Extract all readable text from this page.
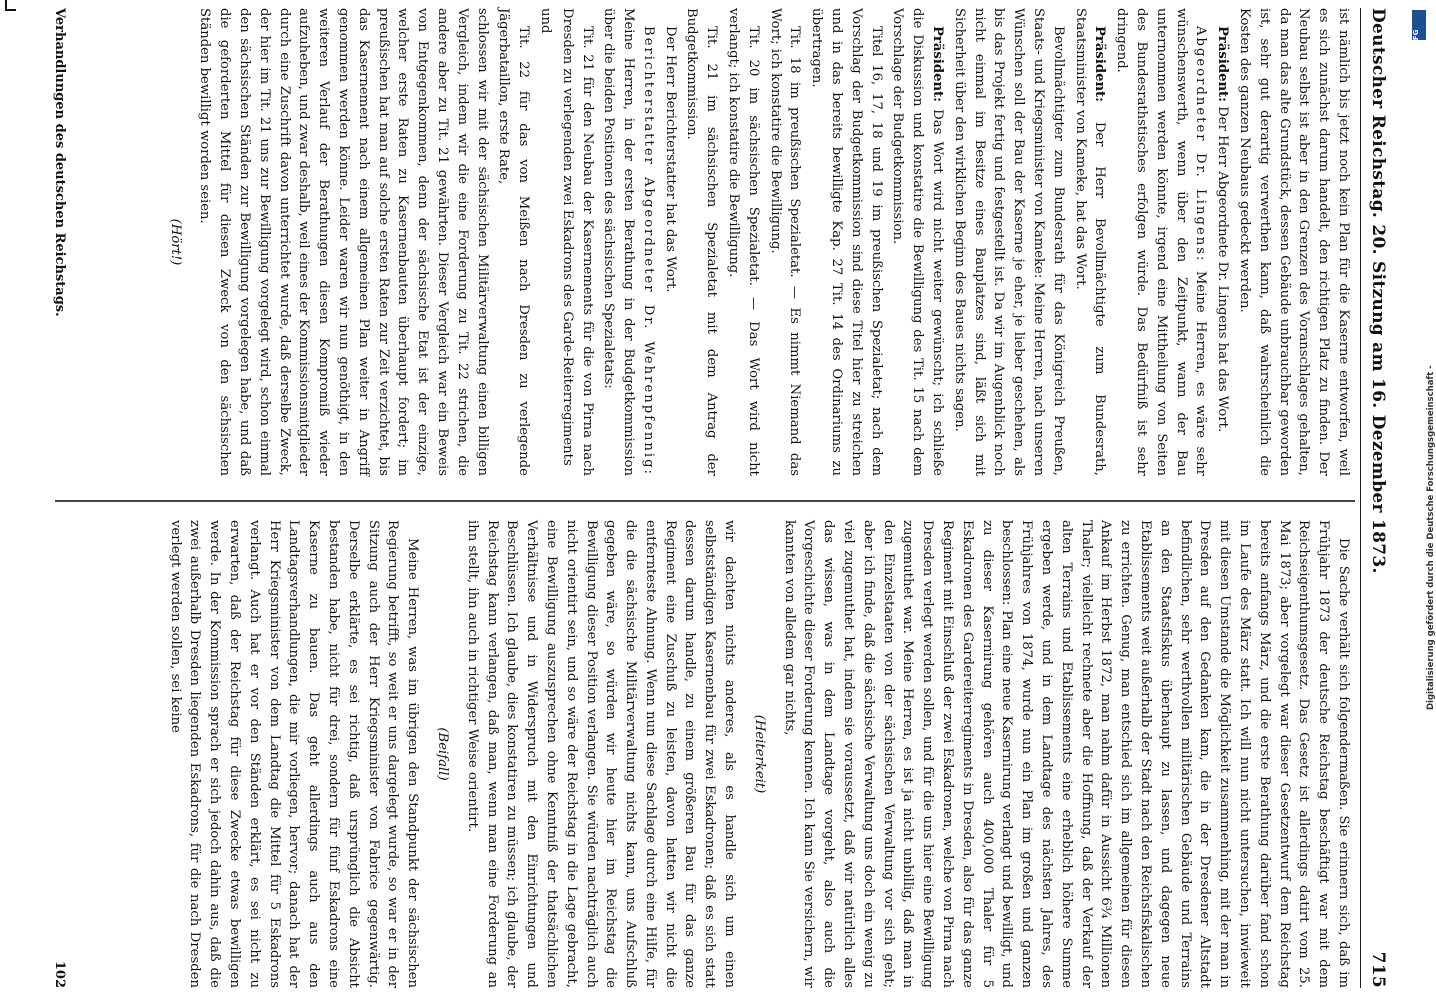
Deutscher Reichstag. 20. Sitzung am 16. Dezember 1873.
715

ist nämlich bis jetzt noch kein Plan für die Kaserne entworfen, weil es sich zunächst darum handelt, den richtigen Platz zu finden. Der Neubau selbst ist aber in den Grenzen des Voranschlages gehalten, da man das alte Grundstück, dessen Gebäude unbrauchbar geworden ist, sehr gut derartig verwerthen kann, daß wahrscheinlich die Kosten des ganzen Neubaus gedeckt werden.

Präsident: Der Herr Abgeordnete Dr. Lingens hat das Wort.

Abgeordneter Dr. Lingens: Meine Herren, es wäre sehr wünschenswerth, wenn über den Zeitpunkt, wann der Bau unternommen werden könnte, irgend eine Mittheilung von Seiten des Bundesrathstisches erfolgen würde. Das Bedürfniß ist sehr dringend.

Präsident: Der Herr Bevollmächtigte zum Bundesrath, Staatsminister von Kameke, hat das Wort.

Bevollmächtigter zum Bundesrath für das Königreich Preußen, Staats- und Kriegsminister von Kameke: Meine Herren, nach unseren Wünschen soll der Bau der Kaserne je eher, je lieber geschehen, als bis das Projekt fertig und festgestellt ist. Da wir im Augenblick noch nicht einmal im Besitze eines Bauplatzes sind, läßt sich mit Sicherheit über den wirklichen Beginn des Baues nichts sagen.

Präsident: Das Wort wird nicht weiter gewünscht; ich schließe die Diskussion und konstatire die Bewilligung des Tit. 15 nach dem Vorschlage der Budgetkommission.

Titel 16, 17, 18 und 19 im preußischen Spezialetat; nach dem Vorschlag der Budgetkommission sind diese Titel hier zu streichen und in das bereits bewilligte Kap. 27 Tit. 14 des Ordinariums zu übertragen.

Tit. 18 im preußischen Spezialetat. — Es nimmt Niemand das Wort; ich konstatire die Bewilligung.

Tit. 20 im sächsischen Spezialetat. — Das Wort wird nicht verlangt; ich konstatire die Bewilligung.

Tit. 21 im sächsischen Spezialetat mit dem Antrag der Budgetkommission.

Der Herr Berichterstatter hat das Wort.

Berichterstatter Abgeordneter Dr. Wehrenpfennig: Meine Herren, in der ersten Berathung in der Budgetkommission über die beiden Positionen des sächsischen Spezialetats:

Tit. 21 für den Neubau der Kasernements für die von Pirna nach Dresden zu verlegenden zwei Eskadrons des Garde-Reiterregiments

und

Tit. 22 für das von Meißen nach Dresden zu verlegende Jägerbataillon, erste Rate,

schlossen wir mit der sächsischen Militärverwaltung einen billigen Vergleich, indem wir die eine Forderung zu Tit. 22 strichen, die andere aber zu Tit. 21 gewährten. Dieser Vergleich war ein Beweis von Entgegenkommen, denn der sächsische Etat ist der einzige, welcher erste Raten zu Kasernenbauten überhaupt fordert; im preußischen hat man auf solche ersten Raten zur Zeit verzichtet, bis das Kasernement nach einem allgemeinen Plan weiter in Angriff genommen werden könne. Leider waren wir nun genöthigt, in den weiteren Verlauf der Berathungen diesen Kompromiß wieder aufzuheben, und zwar deshalb, weil eines der Kommissionsmitglieder durch eine Zuschrift davon unterrichtet wurde, daß derselbe Zweck, der hier im Tit. 21 uns zur Bewilligung vorgelegt wird, schon einmal den sächsischen Ständen zur Bewilligung vorgelegen habe, und daß die geforderten Mittel für diesen Zweck von den sächsischen Ständen bewilligt worden seien.

(Hört!)

Die Sache verhält sich folgendermaßen. Sie erinnern sich, daß im Frühjahr 1873 der deutsche Reichstag beschäftigt war mit dem Reichseigenthumsgesetz. Das Gesetz ist allerdings datirt vom 25. Mai 1873; aber vorgelegt war dieser Gesetzentwurf dem Reichstag bereits anfangs März, und die erste Berathung darüber fand schon im Laufe des März statt. Ich will nun nicht untersuchen, inwieweit mit diesen Umstande die Möglichkeit zusammenhing, mit der man in Dresden auf den Gedanken kam, die in der Dresdener Altstadt befindlichen, sehr werthvollen militärischen Gebäude und Terrains an den Staatsfiskus überhaupt zu lassen, und dagegen neue Etablissements weit außerhalb der Stadt nach den Reichsfiskalischen zu errichten. Genug, man entschied sich im allgemeinen für diesen Ankauf im Herbst 1872, man nahm dafür in Aussicht 6¾ Millionen Thaler; vielleicht rechnete aber die Hoffnung, daß der Verkauf der alten Terrains und Etablissements eine erheblich höhere Summe ergeben werde, und in dem Landtage des nächsten Jahres, des Frühjahres von 1874, wurde nun ein Plan im großen und ganzen beschlossen: Plan eine neue Kasernirung verlangt und bewilligt, und zu dieser Kasernirung gehören auch 400,000 Thaler für 5 Eskadronen des Gardereiterregiments in Dresden, also für das ganze Regiment mit Einschluß der zwei Eskadronen, welche von Pirna nach Dresden verlegt werden sollen, und für die uns hier eine Bewilligung zugemuthet war. Meine Herren, es ist ja nicht unbillig, daß man in den Einzelstaaten von der sächsischen Verwaltung vor sich geht; aber ich finde, daß die sächsische Verwaltung uns doch ein wenig zu viel zugemuthet hat, indem sie voraussetzt, daß wir natürlich alles das wissen, was in dem Landtage vorgeht, also auch die Vorgeschichte dieser Forderung kennen. Ich kann Sie versichern, wir kannten von alledem gar nichts,

(Heiterkeit)

wir dachten nichts anderes, als es handle sich um einen selbstständigen Kasernenbau für zwei Eskadronen; daß es sich statt dessen darum handle, zu einem größeren Bau für das ganze Regiment eine Zuschuß zu leisten, davon hatten wir nicht die entfernteste Ahnung. Wenn nun diese Sachlage durch eine Hilfe, für die die sächsische Militärverwaltung nichts kann, uns Aufschluß gegeben wäre, so würden wir heute hier im Reichstag die Bewilligung dieser Position verlangen. Sie würden nachträglich auch nicht orientirt sein, und so wäre der Reichstag in die Lage gebracht, eine Bewilligung auszusprechen ohne Kenntniß der thatsächlichen Verhältnisse und in Widerspruch mit den Einrichtungen und Beschlüssen. Ich glaube, dies konstatiren zu müssen; ich glaube, der Reichstag kann verlangen, daß man, wenn man eine Forderung an ihn stellt, ihn auch in richtiger Weise orientirt.

(Beifall)

Meine Herren, was im übrigen den Standpunkt der sächsischen Regierung betrifft, so weit er uns dargelegt wurde, so war er in der Sitzung auch der Herr Kriegsminister von Fabrice gegenwärtig. Derselbe erklärte, es sei richtig, daß ursprünglich die Absicht bestanden habe, nicht für drei, sondern für fünf Eskadrons eine Kaserne zu bauen. Das geht allerdings auch aus den Landtagsverhandlungen, die mir vorliegen, hervor; danach hat der Herr Kriegsminister von dem Landtag die Mittel für 5 Eskadrons verlangt. Auch hat er vor den Ständen erklärt, es sei nicht zu erwarten, daß der Reichstag für diese Zwecke etwas bewilligen werde. In der Kommission sprach er sich jedoch dahin aus, daß die zwei außerhalb Dresden liegenden Eskadrons, für die nach Dresden verlegt werden sollen, sei keine

Verhandlungen des deutschen Reichstags.
102
DFG
Digitalisierung gefördert durch die Deutsche Forschungsgemeinschaft -
